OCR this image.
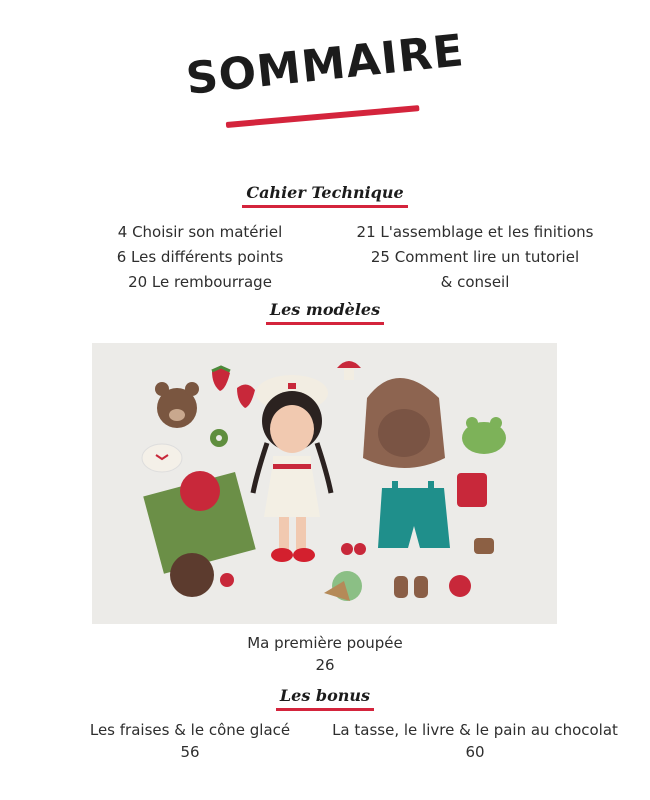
SOMMAIRE
Cahier Technique
4 Choisir son matériel
6 Les différents points
20 Le rembourrage
21 L'assemblage et les finitions
25 Comment lire un tutoriel
& conseil
Les modèles
Ma première poupée
26
Les bonus
Les fraises & le cône glacé
56
La tasse, le livre & le pain au chocolat
60
